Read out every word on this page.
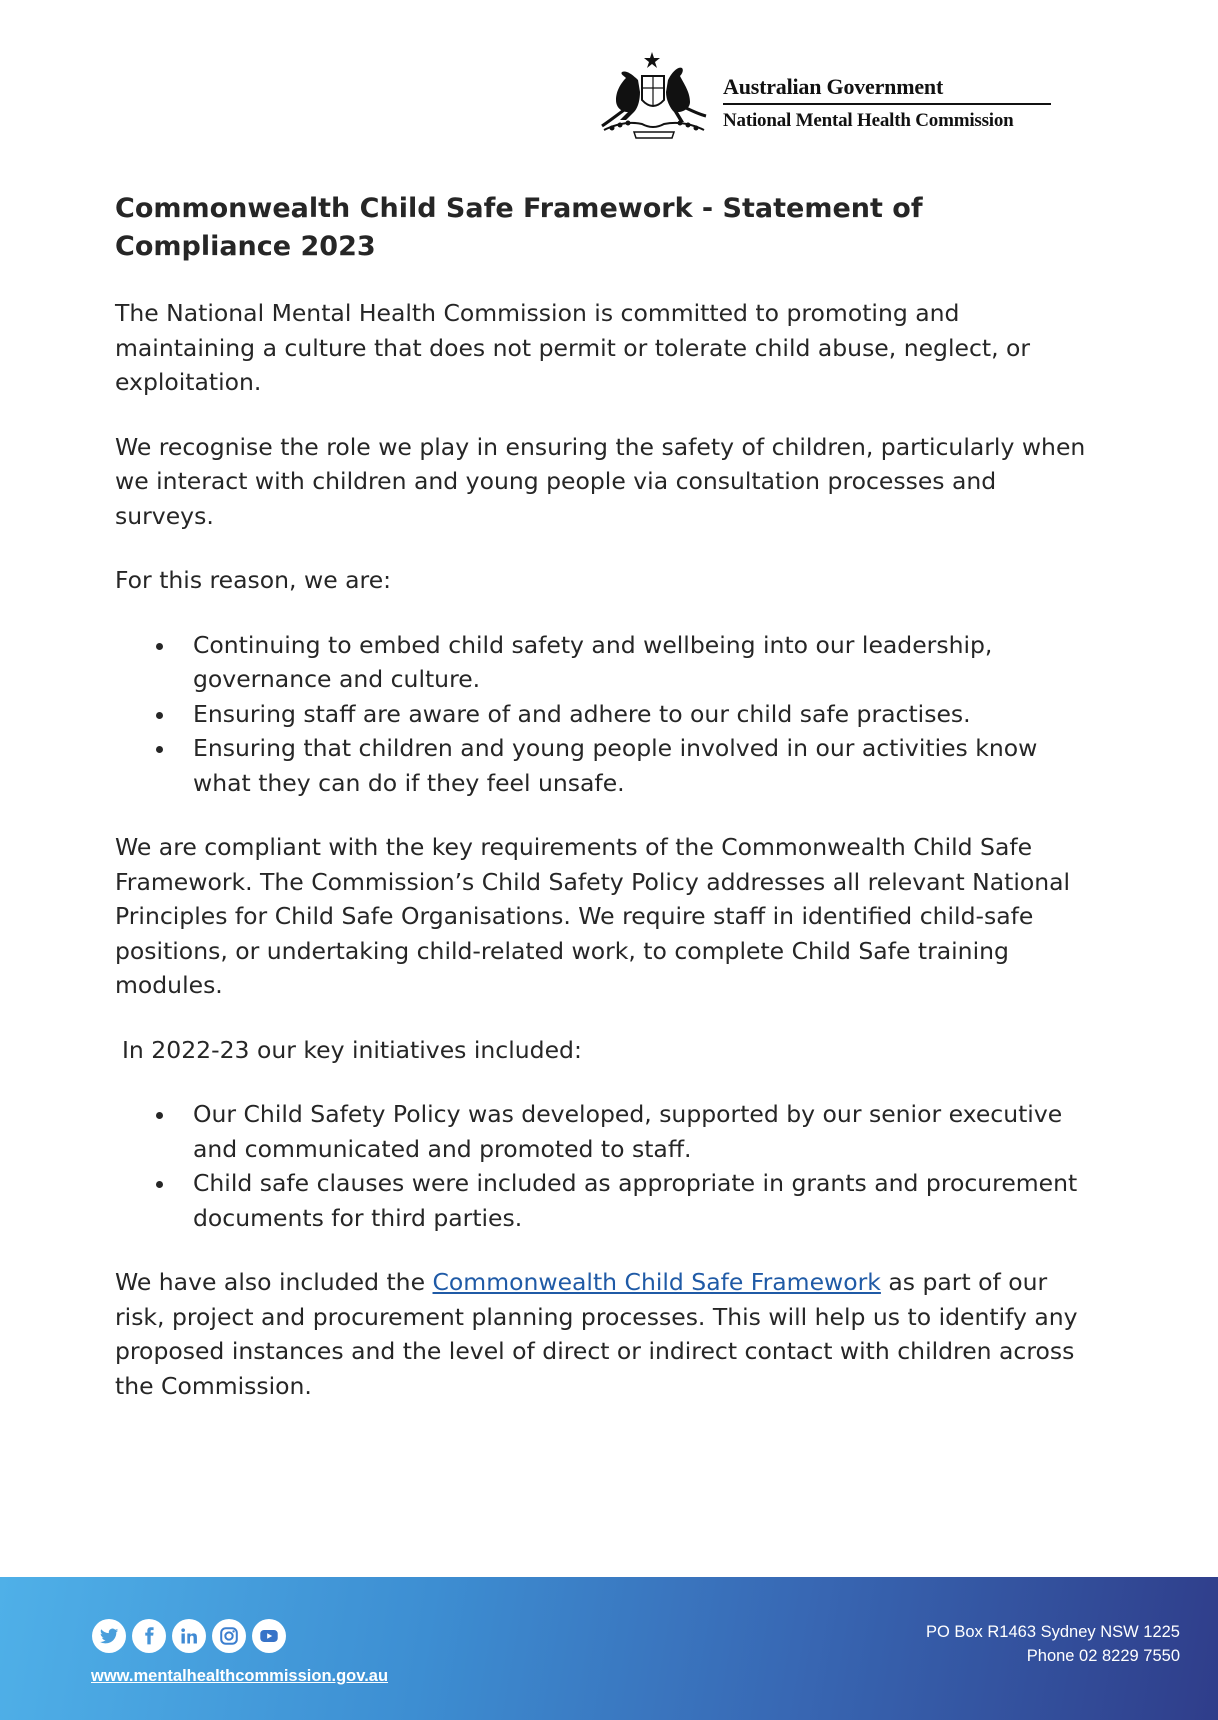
Australian Government
National Mental Health Commission
Commonwealth Child Safe Framework - Statement of Compliance 2023

The National Mental Health Commission is committed to promoting and maintaining a culture that does not permit or tolerate child abuse, neglect, or exploitation.

We recognise the role we play in ensuring the safety of children, particularly when we interact with children and young people via consultation processes and surveys.

For this reason, we are:

Continuing to embed child safety and wellbeing into our leadership, governance and culture.
Ensuring staff are aware of and adhere to our child safe practises.
Ensuring that children and young people involved in our activities know what they can do if they feel unsafe.

We are compliant with the key requirements of the Commonwealth Child Safe Framework. The Commission’s Child Safety Policy addresses all relevant National Principles for Child Safe Organisations. We require staff in identified child-safe positions, or undertaking child-related work, to complete Child Safe training modules.

In 2022-23 our key initiatives included:

Our Child Safety Policy was developed, supported by our senior executive and communicated and promoted to staff.
Child safe clauses were included as appropriate in grants and procurement documents for third parties.

We have also included the Commonwealth Child Safe Framework as part of our risk, project and procurement planning processes. This will help us to identify any proposed instances and the level of direct or indirect contact with children across the Commission.

www.mentalhealthcommission.gov.au
PO Box R1463 Sydney NSW 1225
Phone 02 8229 7550
